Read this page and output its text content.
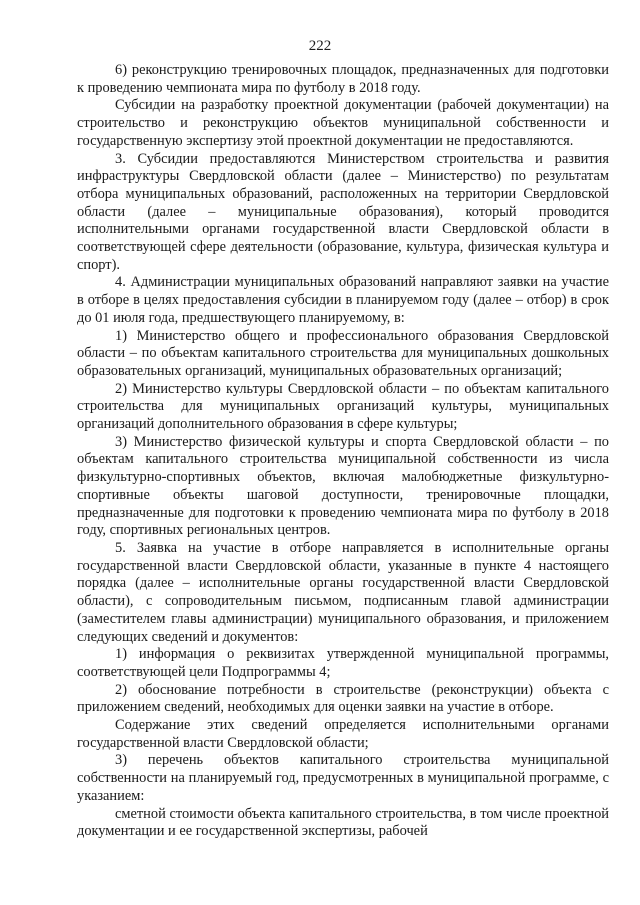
222

6) реконструкцию тренировочных площадок, предназначенных для подготовки к проведению чемпионата мира по футболу в 2018 году.

Субсидии на разработку проектной документации (рабочей документации) на строительство и реконструкцию объектов муниципальной собственности и государственную экспертизу этой проектной документации не предоставляются.

3. Субсидии предоставляются Министерством строительства и развития инфраструктуры Свердловской области (далее – Министерство) по результатам отбора муниципальных образований, расположенных на территории Свердловской области (далее – муниципальные образования), который проводится исполнительными органами государственной власти Свердловской области в соответствующей сфере деятельности (образование, культура, физическая культура и спорт).

4. Администрации муниципальных образований направляют заявки на участие в отборе в целях предоставления субсидии в планируемом году (далее – отбор) в срок до 01 июля года, предшествующего планируемому, в:

1) Министерство общего и профессионального образования Свердловской области – по объектам капитального строительства для муниципальных дошкольных образовательных организаций, муниципальных образовательных организаций;

2) Министерство культуры Свердловской области – по объектам капитального строительства для муниципальных организаций культуры, муниципальных организаций дополнительного образования в сфере культуры;

3) Министерство физической культуры и спорта Свердловской области – по объектам капитального строительства муниципальной собственности из числа физкультурно-спортивных объектов, включая малобюджетные физкультурно-спортивные объекты шаговой доступности, тренировочные площадки, предназначенные для подготовки к проведению чемпионата мира по футболу в 2018 году, спортивных региональных центров.

5. Заявка на участие в отборе направляется в исполнительные органы государственной власти Свердловской области, указанные в пункте 4 настоящего порядка (далее – исполнительные органы государственной власти Свердловской области), с сопроводительным письмом, подписанным главой администрации (заместителем главы администрации) муниципального образования, и приложением следующих сведений и документов:

1) информация о реквизитах утвержденной муниципальной программы, соответствующей цели Подпрограммы 4;

2) обоснование потребности в строительстве (реконструкции) объекта с приложением сведений, необходимых для оценки заявки на участие в отборе.

Содержание этих сведений определяется исполнительными органами государственной власти Свердловской области;

3) перечень объектов капитального строительства муниципальной собственности на планируемый год, предусмотренных в муниципальной программе, с указанием:

сметной стоимости объекта капитального строительства, в том числе проектной документации и ее государственной экспертизы, рабочей
